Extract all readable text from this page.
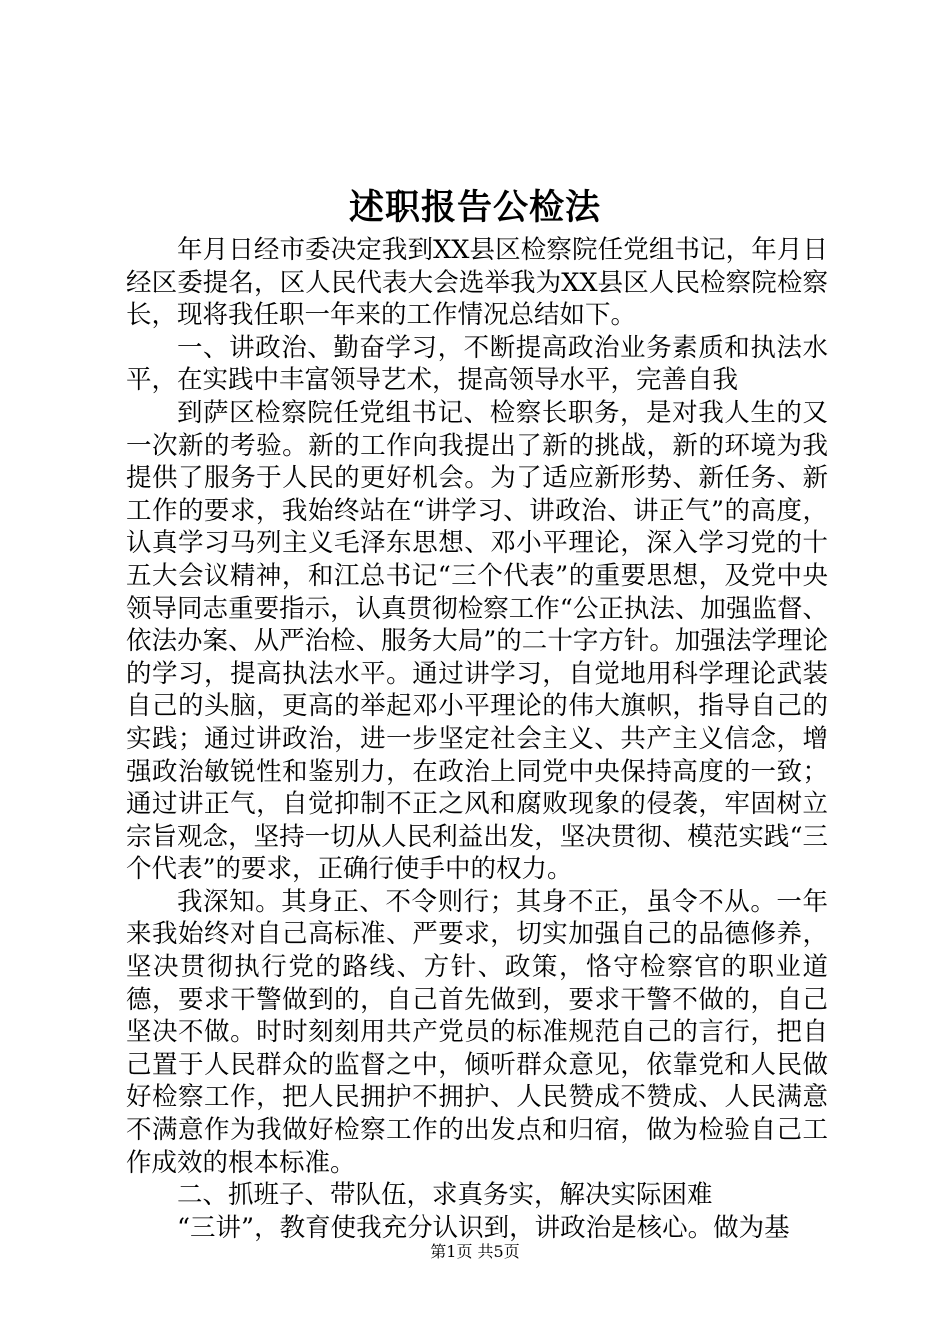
述职报告公检法

年月日经市委决定我到XX县区检察院任党组书记，年月日经区委提名，区人民代表大会选举我为XX县区人民检察院检察长，现将我任职一年来的工作情况总结如下。

一、讲政治、勤奋学习，不断提高政治业务素质和执法水平，在实践中丰富领导艺术，提高领导水平，完善自我

到萨区检察院任党组书记、检察长职务，是对我人生的又一次新的考验。新的工作向我提出了新的挑战，新的环境为我提供了服务于人民的更好机会。为了适应新形势、新任务、新工作的要求，我始终站在“讲学习、讲政治、讲正气”的高度，认真学习马列主义毛泽东思想、邓小平理论，深入学习党的十五大会议精神，和江总书记“三个代表”的重要思想，及党中央领导同志重要指示，认真贯彻检察工作“公正执法、加强监督、依法办案、从严治检、服务大局”的二十字方针。加强法学理论的学习，提高执法水平。通过讲学习，自觉地用科学理论武装自己的头脑，更高的举起邓小平理论的伟大旗帜，指导自己的实践；通过讲政治，进一步坚定社会主义、共产主义信念，增强政治敏锐性和鉴别力，在政治上同党中央保持高度的一致；通过讲正气，自觉抑制不正之风和腐败现象的侵袭，牢固树立宗旨观念，坚持一切从人民利益出发，坚决贯彻、模范实践“三个代表”的要求，正确行使手中的权力。

我深知。其身正、不令则行；其身不正，虽令不从。一年来我始终对自己高标准、严要求，切实加强自己的品德修养，坚决贯彻执行党的路线、方针、政策，恪守检察官的职业道德，要求干警做到的，自己首先做到，要求干警不做的，自己坚决不做。时时刻刻用共产党员的标准规范自己的言行，把自己置于人民群众的监督之中，倾听群众意见，依靠党和人民做好检察工作，把人民拥护不拥护、人民赞成不赞成、人民满意不满意作为我做好检察工作的出发点和归宿，做为检验自己工作成效的根本标准。

二、抓班子、带队伍，求真务实，解决实际困难

“三讲”，教育使我充分认识到，讲政治是核心。做为基

第1页 共5页
